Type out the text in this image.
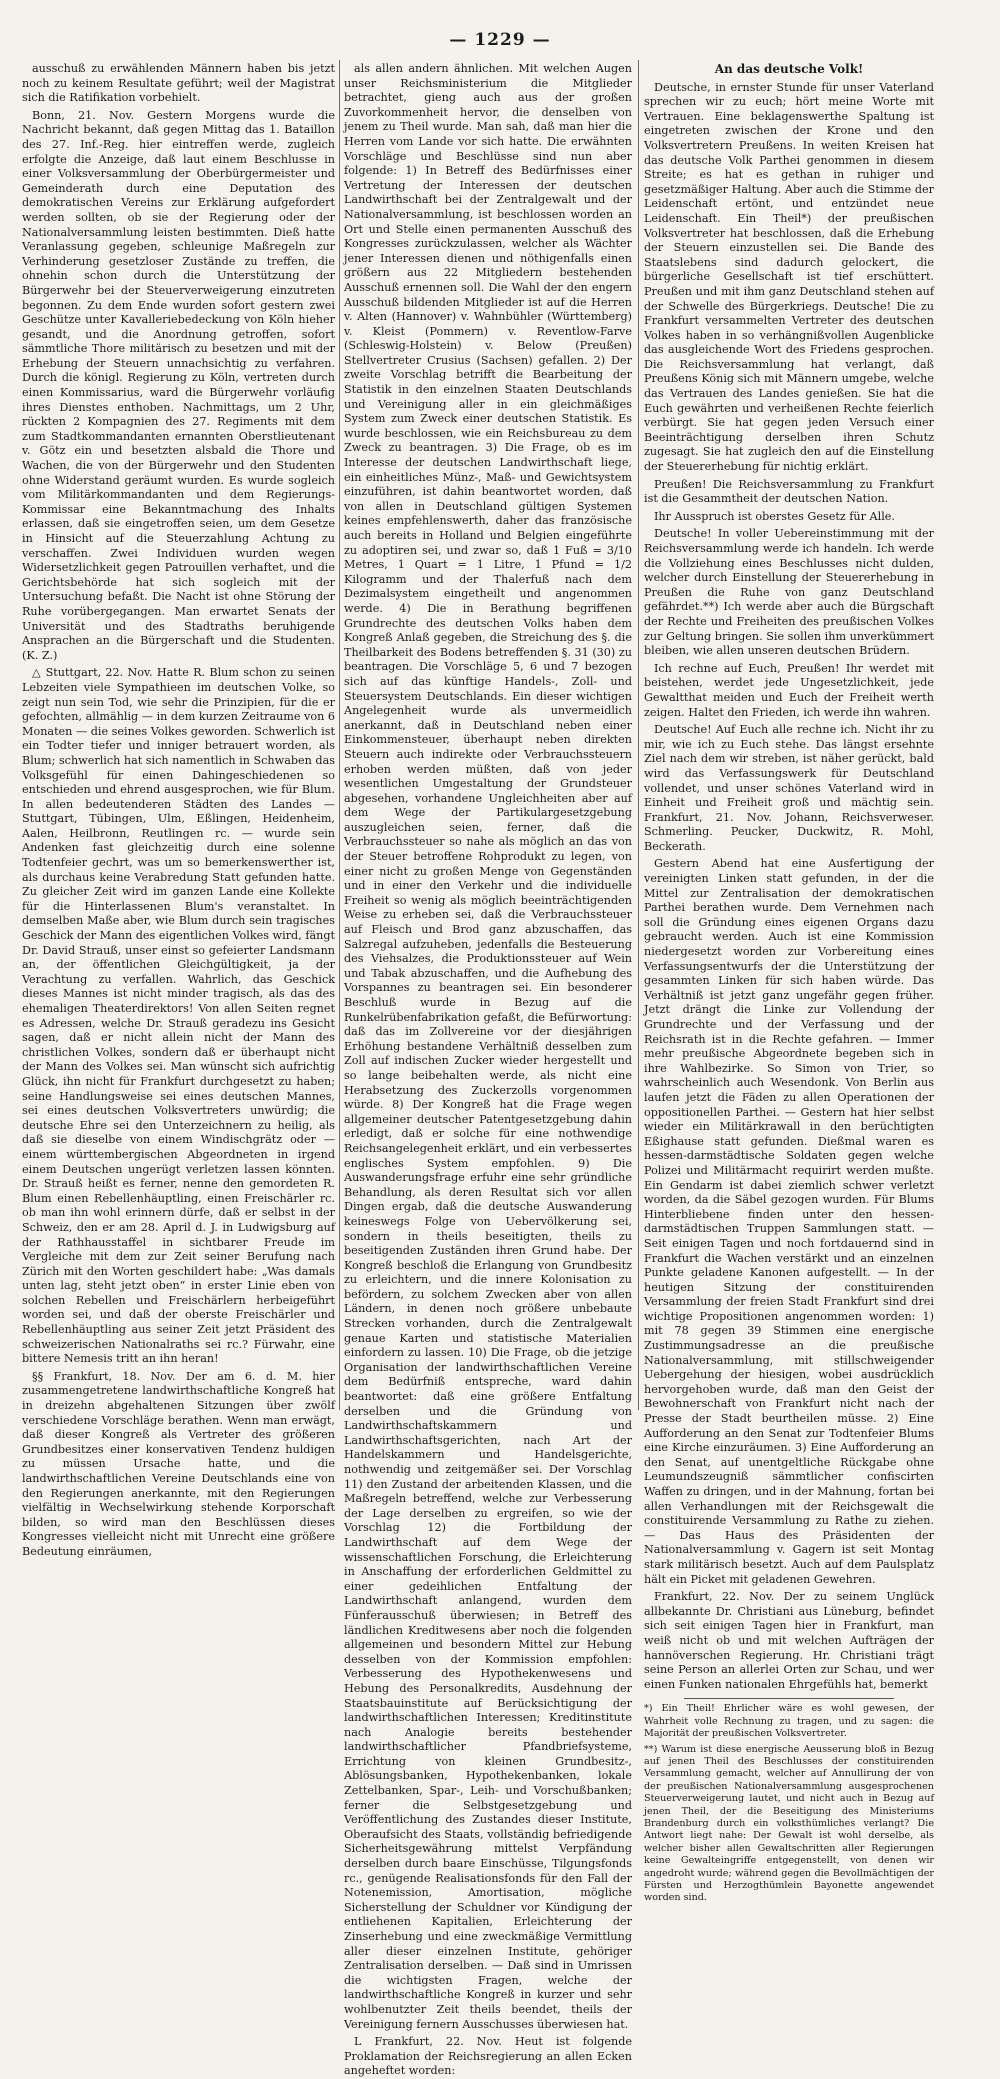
— 1229 —

ausschuß zu erwählenden Männern haben bis jetzt noch zu keinem Resultate geführt; weil der Magistrat sich die Ratifikation vorbehielt.

Bonn, 21. Nov. Gestern Morgens wurde die Nachricht bekannt, daß gegen Mittag das 1. Bataillon des 27. Inf.-Reg. hier eintreffen werde, zugleich erfolgte die Anzeige, daß laut einem Beschlusse in einer Volksversammlung der Oberbürgermeister und Gemeinderath durch eine Deputation des demokratischen Vereins zur Erklärung aufgefordert werden sollten, ob sie der Regierung oder der Nationalversammlung leisten bestimmten. Dieß hatte Veranlassung gegeben, schleunige Maßregeln zur Verhinderung gesetzloser Zustände zu treffen, die ohnehin schon durch die Unterstützung der Bürgerwehr bei der Steuerverweigerung einzutreten begonnen. Zu dem Ende wurden sofort gestern zwei Geschütze unter Kavalleriebedeckung von Köln hieher gesandt, und die Anordnung getroffen, sofort sämmtliche Thore militärisch zu besetzen und mit der Erhebung der Steuern unnachsichtig zu verfahren. Durch die königl. Regierung zu Köln, vertreten durch einen Kommissarius, ward die Bürgerwehr vorläufig ihres Dienstes enthoben. Nachmittags, um 2 Uhr, rückten 2 Kompagnien des 27. Regiments mit dem zum Stadtkommandanten ernannten Oberstlieutenant v. Götz ein und besetzten alsbald die Thore und Wachen, die von der Bürgerwehr und den Studenten ohne Widerstand geräumt wurden. Es wurde sogleich vom Militärkommandanten und dem Regierungs-Kommissar eine Bekanntmachung des Inhalts erlassen, daß sie eingetroffen seien, um dem Gesetze in Hinsicht auf die Steuerzahlung Achtung zu verschaffen. Zwei Individuen wurden wegen Widersetzlichkeit gegen Patrouillen verhaftet, und die Gerichtsbehörde hat sich sogleich mit der Untersuchung befaßt. Die Nacht ist ohne Störung der Ruhe vorübergegangen. Man erwartet Senats der Universität und des Stadtraths beruhigende Ansprachen an die Bürgerschaft und die Studenten. (K. Z.)

△ Stuttgart, 22. Nov. Hatte R. Blum schon zu seinen Lebzeiten viele Sympathieen im deutschen Volke, so zeigt nun sein Tod, wie sehr die Prinzipien, für die er gefochten, allmählig — in dem kurzen Zeitraume von 6 Monaten — die seines Volkes geworden. Schwerlich ist ein Todter tiefer und inniger betrauert worden, als Blum; schwerlich hat sich namentlich in Schwaben das Volksgefühl für einen Dahingeschiedenen so entschieden und ehrend ausgesprochen, wie für Blum. In allen bedeutenderen Städten des Landes — Stuttgart, Tübingen, Ulm, Eßlingen, Heidenheim, Aalen, Heilbronn, Reutlingen rc. — wurde sein Andenken fast gleichzeitig durch eine solenne Todtenfeier gechrt, was um so bemerkenswerther ist, als durchaus keine Verabredung Statt gefunden hatte. Zu gleicher Zeit wird im ganzen Lande eine Kollekte für die Hinterlassenen Blum's veranstaltet. In demselben Maße aber, wie Blum durch sein tragisches Geschick der Mann des eigentlichen Volkes wird, fängt Dr. David Strauß, unser einst so gefeierter Landsmann an, der öffentlichen Gleichgültigkeit, ja der Verachtung zu verfallen. Wahrlich, das Geschick dieses Mannes ist nicht minder tragisch, als das des ehemaligen Theaterdirektors! Von allen Seiten regnet es Adressen, welche Dr. Strauß geradezu ins Gesicht sagen, daß er nicht allein nicht der Mann des christlichen Volkes, sondern daß er überhaupt nicht der Mann des Volkes sei. Man wünscht sich aufrichtig Glück, ihn nicht für Frankfurt durchgesetzt zu haben; seine Handlungsweise sei eines deutschen Mannes, sei eines deutschen Volksvertreters unwürdig; die deutsche Ehre sei den Unterzeichnern zu heilig, als daß sie dieselbe von einem Windischgrätz oder — einem württembergischen Abgeordneten in irgend einem Deutschen ungerügt verletzen lassen könnten. Dr. Strauß heißt es ferner, nenne den gemordeten R. Blum einen Rebellenhäuptling, einen Freischärler rc. ob man ihn wohl erinnern dürfe, daß er selbst in der Schweiz, den er am 28. April d. J. in Ludwigsburg auf der Rathhausstaffel in sichtbarer Freude im Vergleiche mit dem zur Zeit seiner Berufung nach Zürich mit den Worten geschildert habe: „Was damals unten lag, steht jetzt oben“ in erster Linie eben von solchen Rebellen und Freischärlern herbeigeführt worden sei, und daß der oberste Freischärler und Rebellenhäuptling aus seiner Zeit jetzt Präsident des schweizerischen Nationalraths sei rc.? Fürwahr, eine bittere Nemesis tritt an ihn heran!

§§ Frankfurt, 18. Nov. Der am 6. d. M. hier zusammengetretene landwirthschaftliche Kongreß hat in dreizehn abgehaltenen Sitzungen über zwölf verschiedene Vorschläge berathen. Wenn man erwägt, daß dieser Kongreß als Vertreter des größeren Grundbesitzes einer konservativen Tendenz huldigen zu müssen Ursache hatte, und die landwirthschaftlichen Vereine Deutschlands eine von den Regierungen anerkannte, mit den Regierungen vielfältig in Wechselwirkung stehende Korporschaft bilden, so wird man den Beschlüssen dieses Kongresses vielleicht nicht mit Unrecht eine größere Bedeutung einräumen,

als allen andern ähnlichen. Mit welchen Augen unser Reichsministerium die Mitglieder betrachtet, gieng auch aus der großen Zuvorkommenheit hervor, die denselben von jenem zu Theil wurde. Man sah, daß man hier die Herren vom Lande vor sich hatte. Die erwähnten Vorschläge und Beschlüsse sind nun aber folgende: 1) In Betreff des Bedürfnisses einer Vertretung der Interessen der deutschen Landwirthschaft bei der Zentralgewalt und der Nationalversammlung, ist beschlossen worden an Ort und Stelle einen permanenten Ausschuß des Kongresses zurückzulassen, welcher als Wächter jener Interessen dienen und nöthigenfalls einen größern aus 22 Mitgliedern bestehenden Ausschuß ernennen soll. Die Wahl der den engern Ausschuß bildenden Mitglieder ist auf die Herren v. Alten (Hannover) v. Wahnbühler (Württemberg) v. Kleist (Pommern) v. Reventlow-Farve (Schleswig-Holstein) v. Below (Preußen) Stellvertreter Crusius (Sachsen) gefallen. 2) Der zweite Vorschlag betrifft die Bearbeitung der Statistik in den einzelnen Staaten Deutschlands und Vereinigung aller in ein gleichmäßiges System zum Zweck einer deutschen Statistik. Es wurde beschlossen, wie ein Reichsbureau zu dem Zweck zu beantragen. 3) Die Frage, ob es im Interesse der deutschen Landwirthschaft liege, ein einheitliches Münz-, Maß- und Gewichtsystem einzuführen, ist dahin beantwortet worden, daß von allen in Deutschland gültigen Systemen keines empfehlenswerth, daher das französische auch bereits in Holland und Belgien eingeführte zu adoptiren sei, und zwar so, daß 1 Fuß = 3/10 Metres, 1 Quart = 1 Litre, 1 Pfund = 1/2 Kilogramm und der Thalerfuß nach dem Dezimalsystem eingetheilt und angenommen werde. 4) Die in Berathung begriffenen Grundrechte des deutschen Volks haben dem Kongreß Anlaß gegeben, die Streichung des §. die Theilbarkeit des Bodens betreffenden §. 31 (30) zu beantragen. Die Vorschläge 5, 6 und 7 bezogen sich auf das künftige Handels-, Zoll- und Steuersystem Deutschlands. Ein dieser wichtigen Angelegenheit wurde als unvermeidlich anerkannt, daß in Deutschland neben einer Einkommensteuer, überhaupt neben direkten Steuern auch indirekte oder Verbrauchssteuern erhoben werden müßten, daß von jeder wesentlichen Umgestaltung der Grundsteuer abgesehen, vorhandene Ungleichheiten aber auf dem Wege der Partikulargesetzgebung auszugleichen seien, ferner, daß die Verbrauchssteuer so nahe als möglich an das von der Steuer betroffene Rohprodukt zu legen, von einer nicht zu großen Menge von Gegenständen und in einer den Verkehr und die individuelle Freiheit so wenig als möglich beeinträchtigenden Weise zu erheben sei, daß die Verbrauchssteuer auf Fleisch und Brod ganz abzuschaffen, das Salzregal aufzuheben, jedenfalls die Besteuerung des Viehsalzes, die Produktionssteuer auf Wein und Tabak abzuschaffen, und die Aufhebung des Vorspannes zu beantragen sei. Ein besonderer Beschluß wurde in Bezug auf die Runkelrübenfabrikation gefaßt, die Befürwortung: daß das im Zollvereine vor der diesjährigen Erhöhung bestandene Verhältniß desselben zum Zoll auf indischen Zucker wieder hergestellt und so lange beibehalten werde, als nicht eine Herabsetzung des Zuckerzolls vorgenommen würde. 8) Der Kongreß hat die Frage wegen allgemeiner deutscher Patentgesetzgebung dahin erledigt, daß er solche für eine nothwendige Reichsangelegenheit erklärt, und ein verbessertes englisches System empfohlen. 9) Die Auswanderungsfrage erfuhr eine sehr gründliche Behandlung, als deren Resultat sich vor allen Dingen ergab, daß die deutsche Auswanderung keineswegs Folge von Uebervölkerung sei, sondern in theils beseitigten, theils zu beseitigenden Zuständen ihren Grund habe. Der Kongreß beschloß die Erlangung von Grundbesitz zu erleichtern, und die innere Kolonisation zu befördern, zu solchem Zwecken aber von allen Ländern, in denen noch größere unbebaute Strecken vorhanden, durch die Zentralgewalt genaue Karten und statistische Materialien einfordern zu lassen. 10) Die Frage, ob die jetzige Organisation der landwirthschaftlichen Vereine dem Bedürfniß entspreche, ward dahin beantwortet: daß eine größere Entfaltung derselben und die Gründung von Landwirthschaftskammern und Landwirthschaftsgerichten, nach Art der Handelskammern und Handelsgerichte, nothwendig und zeitgemäßer sei. Der Vorschlag 11) den Zustand der arbeitenden Klassen, und die Maßregeln betreffend, welche zur Verbesserung der Lage derselben zu ergreifen, so wie der Vorschlag 12) die Fortbildung der Landwirthschaft auf dem Wege der wissenschaftlichen Forschung, die Erleichterung in Anschaffung der erforderlichen Geldmittel zu einer gedeihlichen Entfaltung der Landwirthschaft anlangend, wurden dem Fünferausschuß überwiesen; in Betreff des ländlichen Kreditwesens aber noch die folgenden allgemeinen und besondern Mittel zur Hebung desselben von der Kommission empfohlen: Verbesserung des Hypothekenwesens und Hebung des Personalkredits, Ausdehnung der Staatsbauinstitute auf Berücksichtigung der landwirthschaftlichen Interessen; Kreditinstitute nach Analogie bereits bestehender landwirthschaftlicher Pfandbriefsysteme, Errichtung von kleinen Grundbesitz-, Ablösungsbanken, Hypothekenbanken, lokale Zettelbanken, Spar-, Leih- und Vorschußbanken; ferner die Selbstgesetzgebung und Veröffentlichung des Zustandes dieser Institute, Oberaufsicht des Staats, vollständig befriedigende Sicherheitsgewährung mittelst Verpfändung derselben durch baare Einschüsse, Tilgungsfonds rc., genügende Realisationsfonds für den Fall der Notenemission, Amortisation, mögliche Sicherstellung der Schuldner vor Kündigung der entliehenen Kapitalien, Erleichterung der Zinserhebung und eine zweckmäßige Vermittlung aller dieser einzelnen Institute, gehöriger Zentralisation derselben. — Daß sind in Umrissen die wichtigsten Fragen, welche der landwirthschaftliche Kongreß in kurzer und sehr wohlbenutzter Zeit theils beendet, theils der Vereinigung fernern Ausschusses überwiesen hat.

L Frankfurt, 22. Nov. Heut ist folgende Proklamation der Reichsregierung an allen Ecken angeheftet worden:

An das deutsche Volk!

Deutsche, in ernster Stunde für unser Vaterland sprechen wir zu euch; hört meine Worte mit Vertrauen. Eine beklagenswerthe Spaltung ist eingetreten zwischen der Krone und den Volksvertretern Preußens. In weiten Kreisen hat das deutsche Volk Parthei genommen in diesem Streite; es hat es gethan in ruhiger und gesetzmäßiger Haltung. Aber auch die Stimme der Leidenschaft ertönt, und entzündet neue Leidenschaft. Ein Theil*) der preußischen Volksvertreter hat beschlossen, daß die Erhebung der Steuern einzustellen sei. Die Bande des Staatslebens sind dadurch gelockert, die bürgerliche Gesellschaft ist tief erschüttert. Preußen und mit ihm ganz Deutschland stehen auf der Schwelle des Bürgerkriegs. Deutsche! Die zu Frankfurt versammelten Vertreter des deutschen Volkes haben in so verhängnißvollen Augenblicke das ausgleichende Wort des Friedens gesprochen. Die Reichsversammlung hat verlangt, daß Preußens König sich mit Männern umgebe, welche das Vertrauen des Landes genießen. Sie hat die Euch gewährten und verheißenen Rechte feierlich verbürgt. Sie hat gegen jeden Versuch einer Beeinträchtigung derselben ihren Schutz zugesagt. Sie hat zugleich den auf die Einstellung der Steuererhebung für nichtig erklärt.

Preußen! Die Reichsversammlung zu Frankfurt ist die Gesammtheit der deutschen Nation.

Ihr Ausspruch ist oberstes Gesetz für Alle.

Deutsche! In voller Uebereinstimmung mit der Reichsversammlung werde ich handeln. Ich werde die Vollziehung eines Beschlusses nicht dulden, welcher durch Einstellung der Steuererhebung in Preußen die Ruhe von ganz Deutschland gefährdet.**) Ich werde aber auch die Bürgschaft der Rechte und Freiheiten des preußischen Volkes zur Geltung bringen. Sie sollen ihm unverkümmert bleiben, wie allen unseren deutschen Brüdern.

Ich rechne auf Euch, Preußen! Ihr werdet mit beistehen, werdet jede Ungesetzlichkeit, jede Gewaltthat meiden und Euch der Freiheit werth zeigen. Haltet den Frieden, ich werde ihn wahren.

Deutsche! Auf Euch alle rechne ich. Nicht ihr zu mir, wie ich zu Euch stehe. Das längst ersehnte Ziel nach dem wir streben, ist näher gerückt, bald wird das Verfassungswerk für Deutschland vollendet, und unser schönes Vaterland wird in Einheit und Freiheit groß und mächtig sein. Frankfurt, 21. Nov. Johann, Reichsverweser. Schmerling. Peucker, Duckwitz, R. Mohl, Beckerath.

Gestern Abend hat eine Ausfertigung der vereinigten Linken statt gefunden, in der die Mittel zur Zentralisation der demokratischen Parthei berathen wurde. Dem Vernehmen nach soll die Gründung eines eigenen Organs dazu gebraucht werden. Auch ist eine Kommission niedergesetzt worden zur Vorbereitung eines Verfassungsentwurfs der die Unterstützung der gesammten Linken für sich haben würde. Das Verhältniß ist jetzt ganz ungefähr gegen früher. Jetzt drängt die Linke zur Vollendung der Grundrechte und der Verfassung und der Reichsrath ist in die Rechte gefahren. — Immer mehr preußische Abgeordnete begeben sich in ihre Wahlbezirke. So Simon von Trier, so wahrscheinlich auch Wesendonk. Von Berlin aus laufen jetzt die Fäden zu allen Operationen der oppositionellen Parthei. — Gestern hat hier selbst wieder ein Militärkrawall in den berüchtigten Eßighause statt gefunden. Dießmal waren es hessen-darmstädtische Soldaten gegen welche Polizei und Militärmacht requirirt werden mußte. Ein Gendarm ist dabei ziemlich schwer verletzt worden, da die Säbel gezogen wurden. Für Blums Hinterbliebene finden unter den hessen-darmstädtischen Truppen Sammlungen statt. — Seit einigen Tagen und noch fortdauernd sind in Frankfurt die Wachen verstärkt und an einzelnen Punkte geladene Kanonen aufgestellt. — In der heutigen Sitzung der constituirenden Versammlung der freien Stadt Frankfurt sind drei wichtige Propositionen angenommen worden: 1) mit 78 gegen 39 Stimmen eine energische Zustimmungsadresse an die preußische Nationalversammlung, mit stillschweigender Uebergehung der hiesigen, wobei ausdrücklich hervorgehoben wurde, daß man den Geist der Bewohnerschaft von Frankfurt nicht nach der Presse der Stadt beurtheilen müsse. 2) Eine Aufforderung an den Senat zur Todtenfeier Blums eine Kirche einzuräumen. 3) Eine Aufforderung an den Senat, auf unentgeltliche Rückgabe ohne Leumundszeugniß sämmtlicher confiscirten Waffen zu dringen, und in der Mahnung, fortan bei allen Verhandlungen mit der Reichsgewalt die constituirende Versammlung zu Rathe zu ziehen. — Das Haus des Präsidenten der Nationalversammlung v. Gagern ist seit Montag stark militärisch besetzt. Auch auf dem Paulsplatz hält ein Picket mit geladenen Gewehren.

Frankfurt, 22. Nov. Der zu seinem Unglück allbekannte Dr. Christiani aus Lüneburg, befindet sich seit einigen Tagen hier in Frankfurt, man weiß nicht ob und mit welchen Aufträgen der hannöverschen Regierung. Hr. Christiani trägt seine Person an allerlei Orten zur Schau, und wer einen Funken nationalen Ehrgefühls hat, bemerkt

*) Ein Theil! Ehrlicher wäre es wohl gewesen, der Wahrheit volle Rechnung zu tragen, und zu sagen: die Majorität der preußischen Volksvertreter.

**) Warum ist diese energische Aeusserung bloß in Bezug auf jenen Theil des Beschlusses der constituirenden Versammlung gemacht, welcher auf Annullirung der von der preußischen Nationalversammlung ausgesprochenen Steuerverweigerung lautet, und nicht auch in Bezug auf jenen Theil, der die Beseitigung des Ministeriums Brandenburg durch ein volksthümliches verlangt? Die Antwort liegt nahe: Der Gewalt ist wohl derselbe, als welcher bisher allen Gewaltschritten aller Regierungen keine Gewalteingriffe entgegenstellt, von denen wir angedroht wurde; während gegen die Bevollmächtigen der Fürsten und Herzogthümlein Bayonette angewendet worden sind.
